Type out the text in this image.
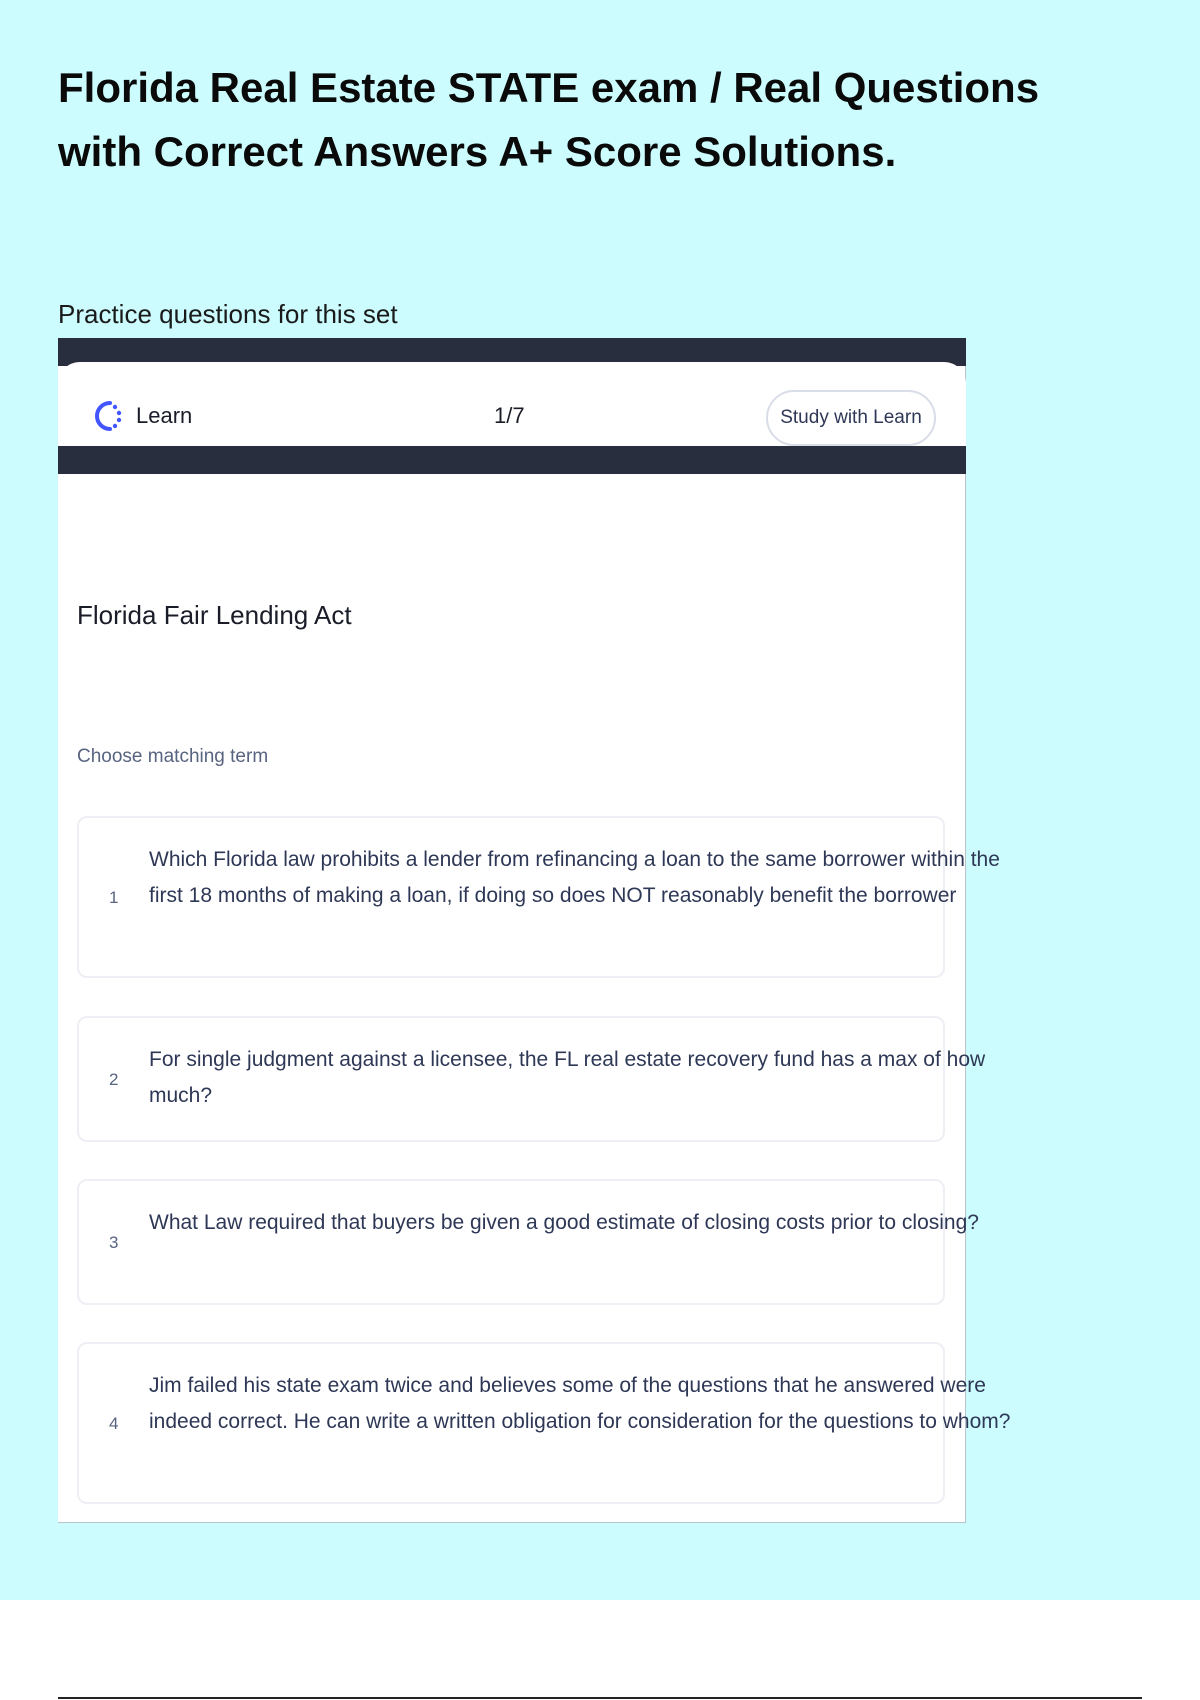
Florida Real Estate STATE exam / Real Questions with Correct Answers A+ Score Solutions.
Practice questions for this set
Learn	1/7	Study with Learn
Florida Fair Lending Act
Choose matching term
1
Which Florida law prohibits a lender from refinancing a loan to the same borrower within the first 18 months of making a loan, if doing so does NOT reasonably benefit the borrower
2
For single judgment against a licensee, the FL real estate recovery fund has a max of how much?
3
What Law required that buyers be given a good estimate of closing costs prior to closing?
4
Jim failed his state exam twice and believes some of the questions that he answered were indeed correct. He can write a written obligation for consideration for the questions to whom?
